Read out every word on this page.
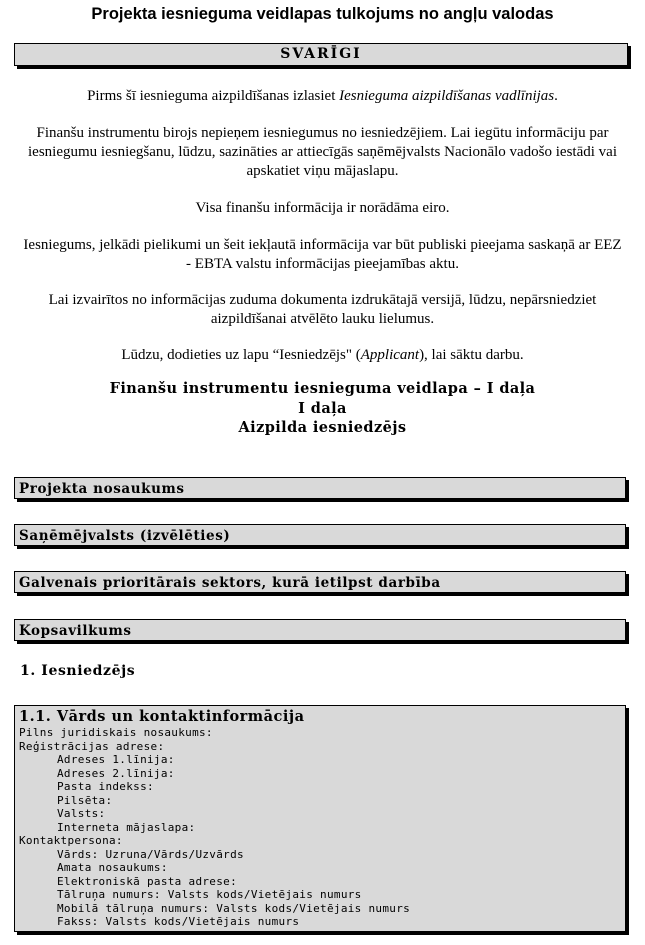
Projekta iesnieguma veidlapas tulkojums no angļu valodas
SVARĪGI
Pirms šī iesnieguma aizpildīšanas izlasiet Iesnieguma aizpildīšanas vadlīnijas.
Finanšu instrumentu birojs nepieņem iesniegumus no iesniedzējiem. Lai iegūtu informāciju par iesniegumu iesniegšanu, lūdzu, sazināties ar attiecīgās saņēmējvalsts Nacionālo vadošo iestādi vai apskatiet viņu mājaslapu.
Visa finanšu informācija ir norādāma eiro.
Iesniegums, jelkādi pielikumi un šeit iekļautā informācija var būt publiski pieejama saskaņā ar EEZ - EBTA valstu informācijas pieejamības aktu.
Lai izvairītos no informācijas zuduma dokumenta izdrukātajā versijā, lūdzu, nepārsniedziet aizpildīšanai atvēlēto lauku lielumus.
Lūdzu, dodieties uz lapu “Iesniedzējs" (Applicant), lai sāktu darbu.
Finanšu instrumentu iesnieguma veidlapa – I daļa
I daļa
Aizpilda iesniedzējs
Projekta nosaukums
Saņēmējvalsts (izvēlēties)
Galvenais prioritārais sektors, kurā ietilpst darbība
Kopsavilkums
1. Iesniedzējs
1.1. Vārds un kontaktinformācija
Pilns juridiskais nosaukums:
Reģistrācijas adrese:
Adreses 1.līnija:
Adreses 2.līnija:
Pasta indekss:
Pilsēta:
Valsts:
Interneta mājaslapa:
Kontaktpersona:
Vārds: Uzruna/Vārds/Uzvārds
Amata nosaukums:
Elektroniskā pasta adrese:
Tālruņa numurs: Valsts kods/Vietējais numurs
Mobilā tālruņa numurs: Valsts kods/Vietējais numurs
Fakss: Valsts kods/Vietējais numurs
